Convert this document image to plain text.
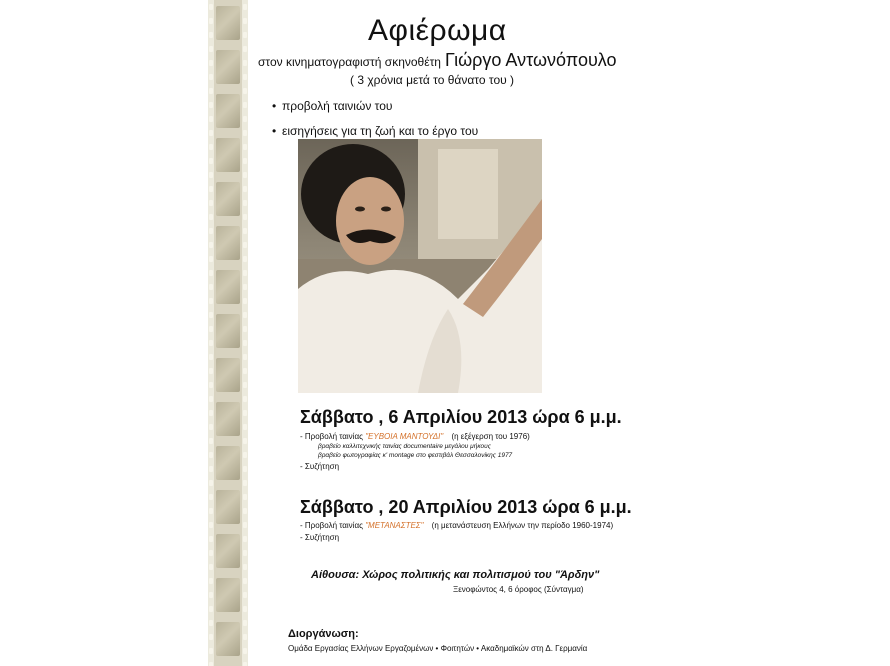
Αφιέρωμα
στον κινηματογραφιστή σκηνοθέτη Γιώργο Αντωνόπουλο
( 3 χρόνια μετά το θάνατο του )
• προβολή ταινιών του
• εισηγήσεις για τη ζωή και το έργο του
Σάββατο , 6 Απριλίου 2013 ώρα 6 μ.μ.
- Προβολή ταινίας "ΕΥΒΟΙΑ ΜΑΝΤΟΥΔΙ" (η εξέγερση του 1976)
βραβείο καλλιτεχνικής ταινίας documentaire μεγάλου μήκους
βραβείο φωτογραφίας κ' montage στο φεστιβάλ Θεσσαλονίκης 1977
- Συζήτηση
Σάββατο , 20 Απριλίου 2013 ώρα 6 μ.μ.
- Προβολή ταινίας "ΜΕΤΑΝΑΣΤΕΣ" (η μετανάστευση Ελλήνων την περίοδο 1960-1974)
- Συζήτηση
Αίθουσα: Χώρος πολιτικής και πολιτισμού του "Άρδην"
Ξενοφώντος 4, 6 όροφος (Σύνταγμα)
Διοργάνωση:
Ομάδα Εργασίας Ελλήνων Εργαζομένων • Φοιτητών • Ακαδημαϊκών στη Δ. Γερμανία
